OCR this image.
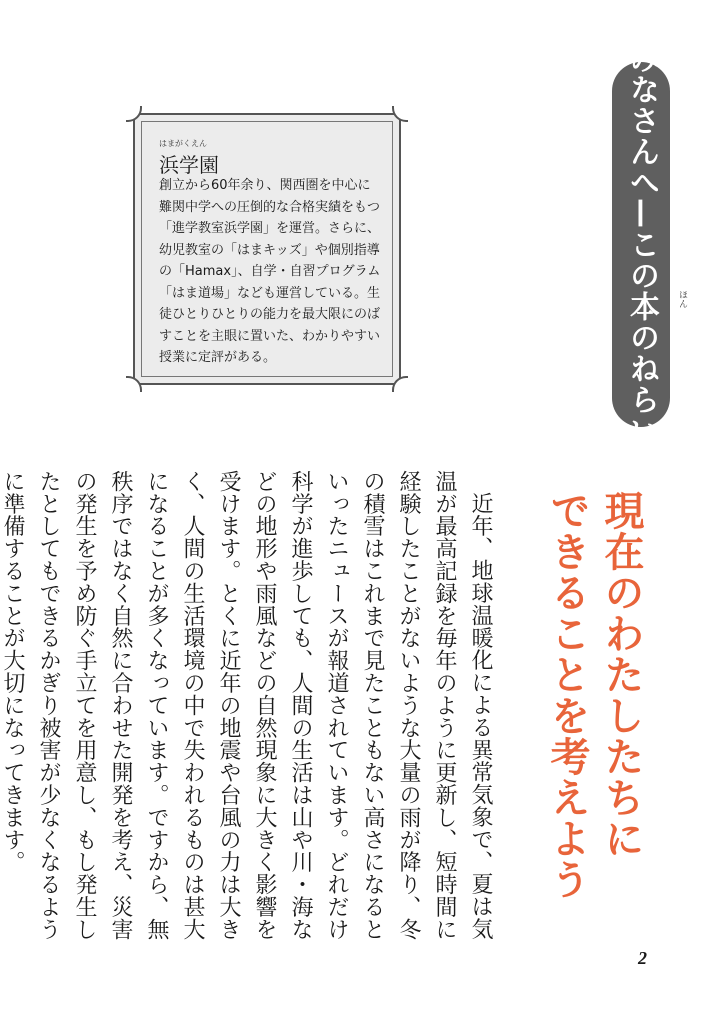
みなさんへ—この本のねらい	ほん
はまがくえん
浜学園
創立から60年余り、関西圏を中心に
難関中学への圧倒的な合格実績をもつ
「進学教室浜学園」を運営。さらに、
幼児教室の「はまキッズ」や個別指導
の「Hamax」、自学・自習プログラム
「はま道場」なども運営している。生
徒ひとりひとりの能力を最大限にのば
すことを主眼に置いた、わかりやすい
授業に定評がある。
現在のわたしたちに
できることを考えよう

近年、地球温暖化による異常気象で、夏は気温が最高記録を毎年のように更新し、短時間に経験したことがないような大量の雨が降り、冬の積雪はこれまで見たこともない高さになるといったニュースが報道されています。どれだけ科学が進歩しても、人間の生活は山や川・海などの地形や雨風などの自然現象に大きく影響を受けます。とくに近年の地震や台風の力は大きく、人間の生活環境の中で失われるものは甚大になることが多くなっています。ですから、無秩序ではなく自然に合わせた開発を考え、災害の発生を予め防ぐ手立てを用意し、もし発生したとしてもできるかぎり被害が少なくなるように準備することが大切になってきます。

2
